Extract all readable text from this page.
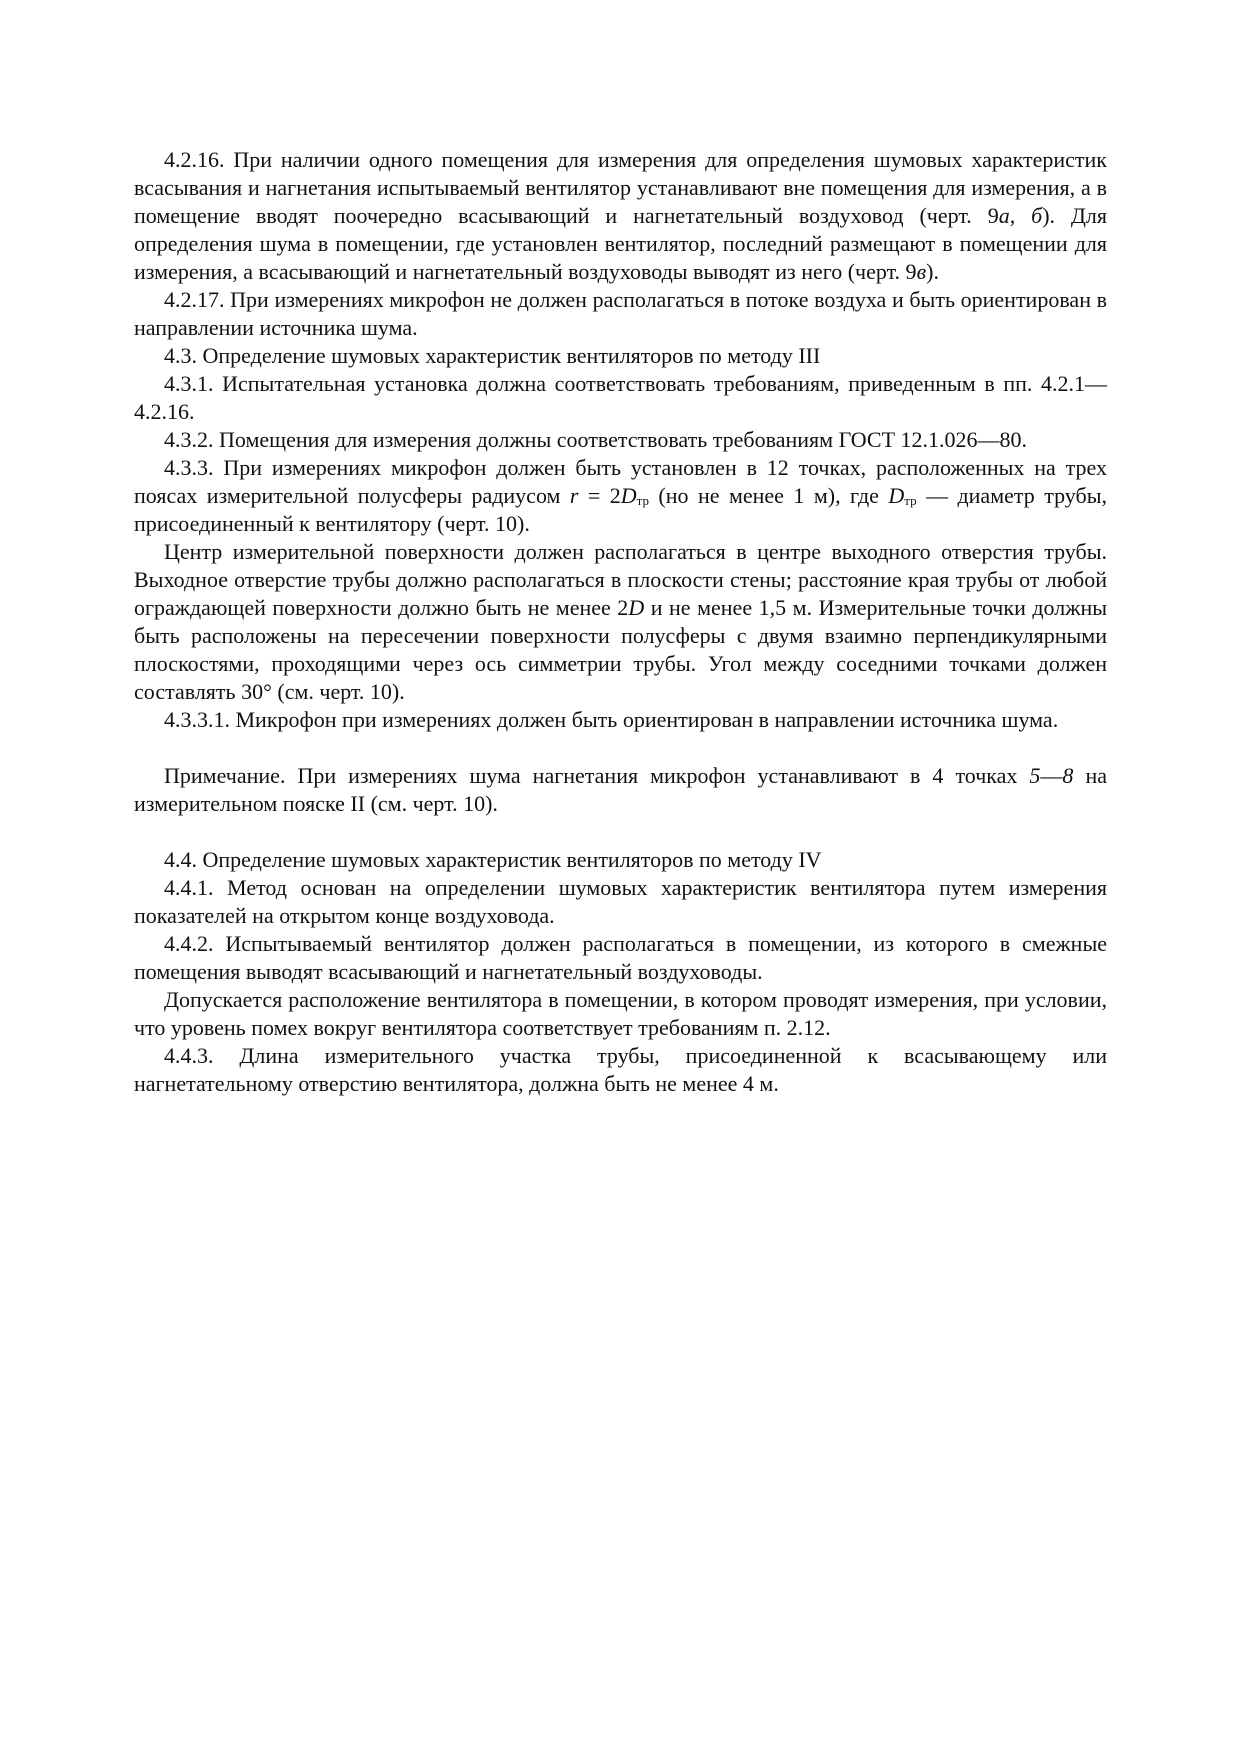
4.2.16. При наличии одного помещения для измерения для определения шумовых характеристик всасывания и нагнетания испытываемый вентилятор устанавливают вне помещения для измерения, а в помещение вводят поочередно всасывающий и нагнетательный воздуховод (черт. 9а, б). Для определения шума в помещении, где установлен вентилятор, последний размещают в помещении для измерения, а всасывающий и нагнетательный воздуховоды выводят из него (черт. 9в).

4.2.17. При измерениях микрофон не должен располагаться в потоке воздуха и быть ориентирован в направлении источника шума.

4.3. Определение шумовых характеристик вентиляторов по методу III

4.3.1. Испытательная установка должна соответствовать требованиям, приведенным в пп. 4.2.1—4.2.16.

4.3.2. Помещения для измерения должны соответствовать требованиям ГОСТ 12.1.026—80.

4.3.3. При измерениях микрофон должен быть установлен в 12 точках, расположенных на трех поясах измерительной полусферы радиусом $r = 2D_{тр}$ (но не менее 1 м), где $D_{тр}$ — диаметр трубы, присоединенный к вентилятору (черт. 10).

Центр измерительной поверхности должен располагаться в центре выходного отверстия трубы. Выходное отверстие трубы должно располагаться в плоскости стены; расстояние края трубы от любой ограждающей поверхности должно быть не менее 2D и не менее 1,5 м. Измерительные точки должны быть расположены на пересечении поверхности полусферы с двумя взаимно перпендикулярными плоскостями, проходящими через ось симметрии трубы. Угол между соседними точками должен составлять 30° (см. черт. 10).

4.3.3.1. Микрофон при измерениях должен быть ориентирован в направлении источника шума.

Примечание. При измерениях шума нагнетания микрофон устанавливают в 4 точках 5—8 на измерительном пояске II (см. черт. 10).

4.4. Определение шумовых характеристик вентиляторов по методу IV

4.4.1. Метод основан на определении шумовых характеристик вентилятора путем измерения показателей на открытом конце воздуховода.

4.4.2. Испытываемый вентилятор должен располагаться в помещении, из которого в смежные помещения выводят всасывающий и нагнетательный воздуховоды.

Допускается расположение вентилятора в помещении, в котором проводят измерения, при условии, что уровень помех вокруг вентилятора соответствует требованиям п. 2.12.

4.4.3. Длина измерительного участка трубы, присоединенной к всасывающему или нагнетательному отверстию вентилятора, должна быть не менее 4 м.
